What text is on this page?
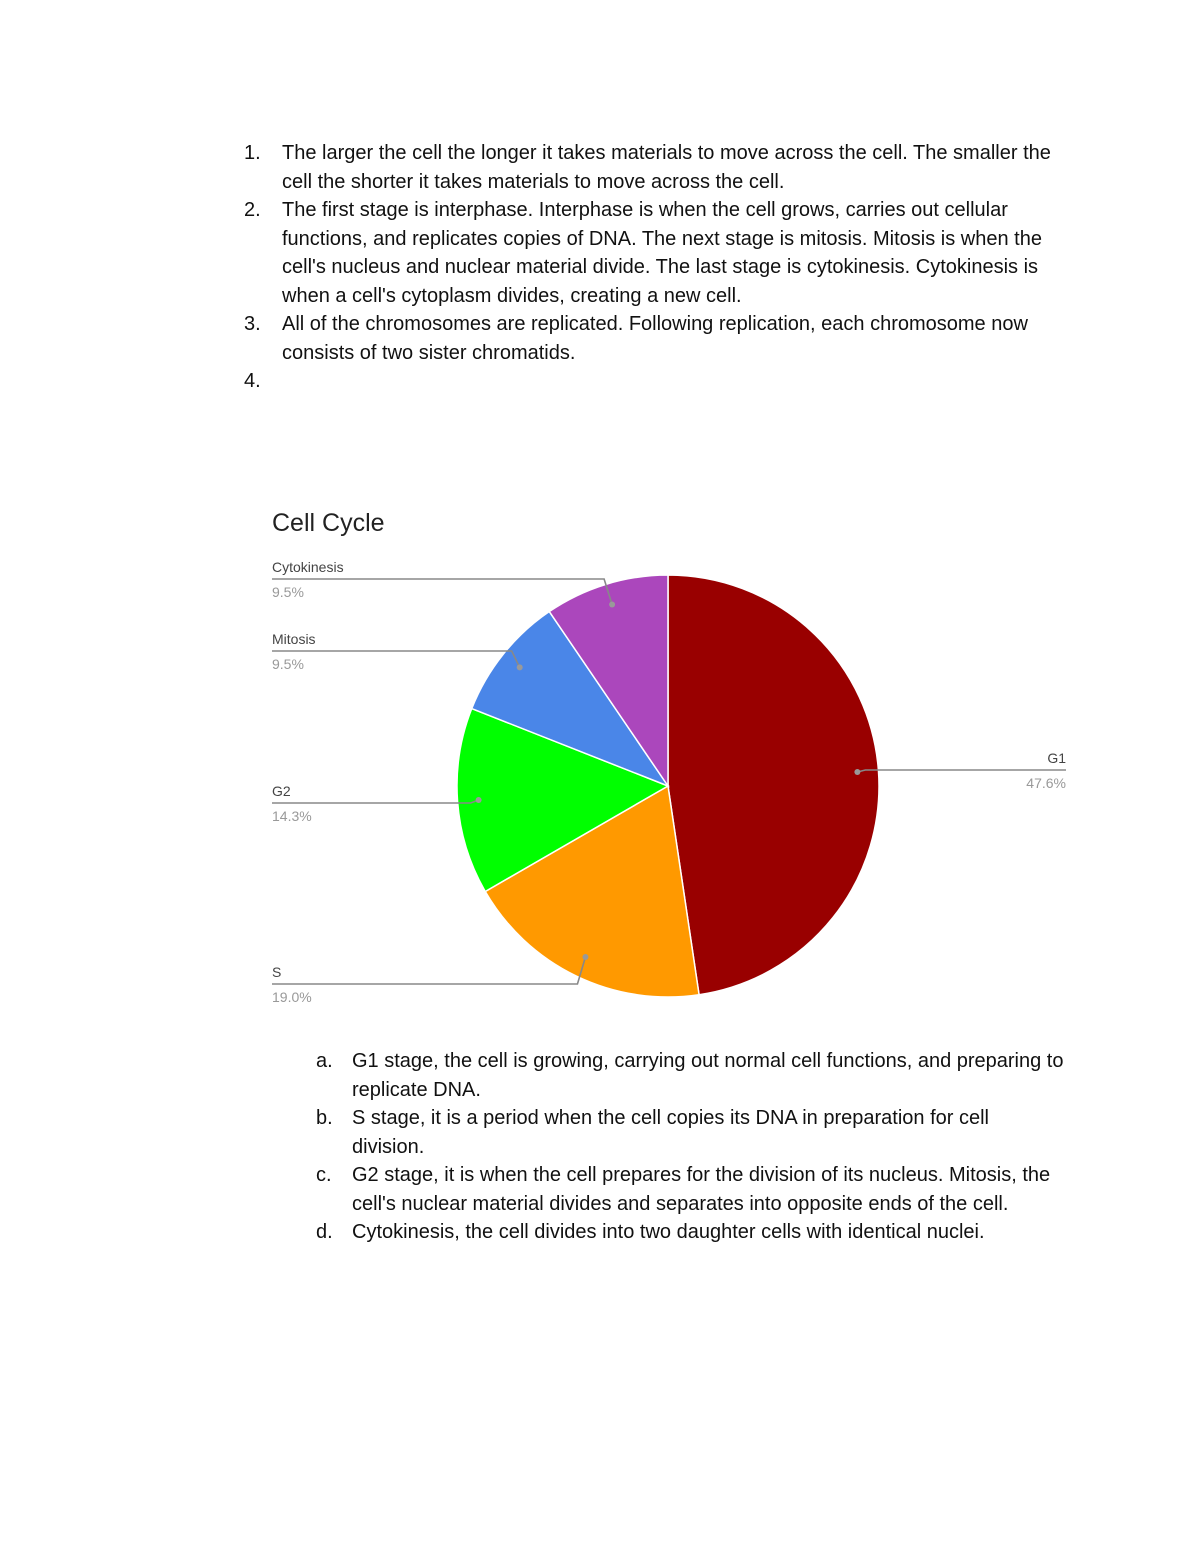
1.	The larger the cell the longer it takes materials to move across the cell. The smaller the cell the shorter it takes materials to move across the cell.
2.	The first stage is interphase. Interphase is when the cell grows, carries out cellular functions, and replicates copies of DNA. The next stage is mitosis. Mitosis is when the cell's nucleus and nuclear material divide. The last stage is cytokinesis. Cytokinesis is when a cell's cytoplasm divides, creating a new cell.
3.	All of the chromosomes are replicated. Following replication, each chromosome now consists of two sister chromatids.
4.
Cell Cycle
G1
47.6%
S
19.0%
G2
14.3%
Mitosis
9.5%
Cytokinesis
9.5%
a. G1 stage, the cell is growing, carrying out normal cell functions, and preparing to replicate DNA.
b. S stage, it is a period when the cell copies its DNA in preparation for cell division.
c.	G2 stage, it is when the cell prepares for the division of its nucleus. Mitosis, the cell's nuclear material divides and separates into opposite ends of the cell.
d. Cytokinesis, the cell divides into two daughter cells with identical nuclei.
